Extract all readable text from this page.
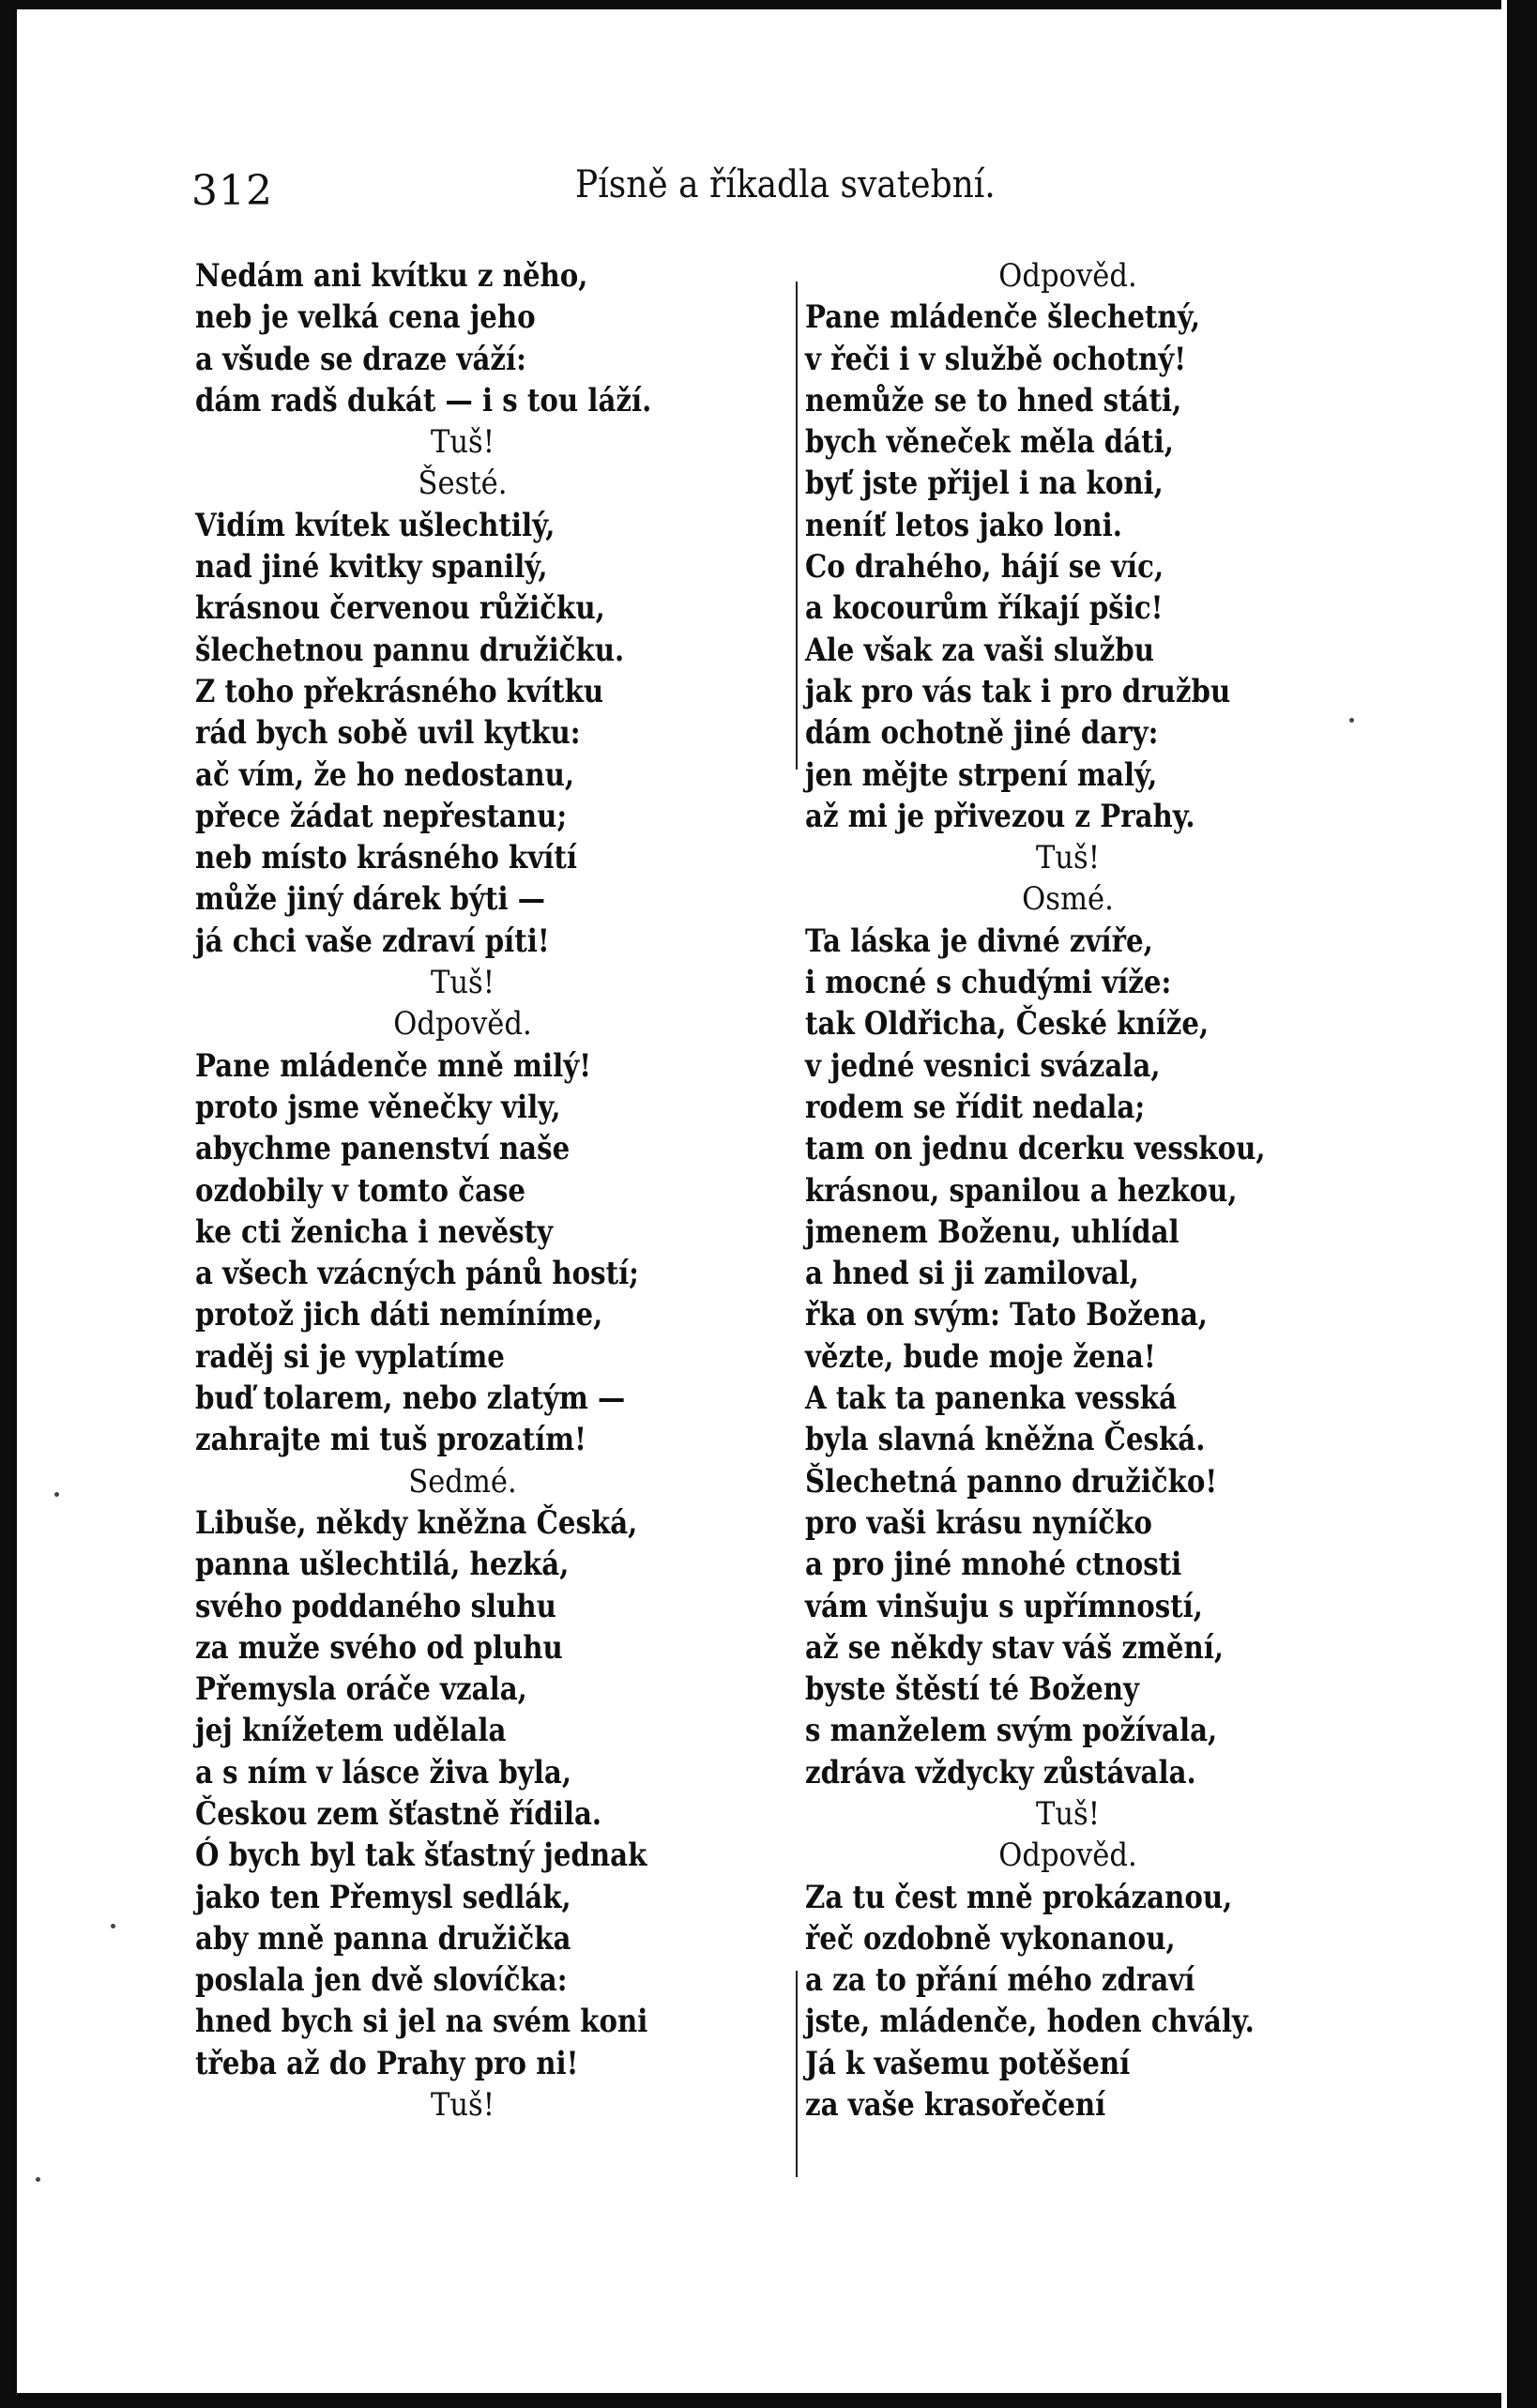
312	Písně a říkadla svatební.
Nedám ani kvítku z něho,
neb je velká cena jeho
a všude se draze váží:
dám radš dukát — i s tou láží.
Tuš!
Šesté.
Vidím kvítek ušlechtilý,
nad jiné kvitky spanilý,
krásnou červenou růžičku,
šlechetnou pannu družičku.
Z toho překrásného kvítku
rád bych sobě uvil kytku:
ač vím, že ho nedostanu,
přece žádat nepřestanu;
neb místo krásného kvítí
může jiný dárek býti —
já chci vaše zdraví píti!
Tuš!
Odpověd.
Pane mládenče mně milý!
proto jsme věnečky vily,
abychme panenství naše
ozdobily v tomto čase
ke cti ženicha i nevěsty
a všech vzácných pánů hostí;
protož jich dáti nemíníme,
raděj si je vyplatíme
buď tolarem, nebo zlatým —
zahrajte mi tuš prozatím!
Sedmé.
Libuše, někdy kněžna Česká,
panna ušlechtilá, hezká,
svého poddaného sluhu
za muže svého od pluhu
Přemysla oráče vzala,
jej knížetem udělala
a s ním v lásce živa byla,
Českou zem šťastně řídila.
Ó bych byl tak šťastný jednak
jako ten Přemysl sedlák,
aby mně panna družička
poslala jen dvě slovíčka:
hned bych si jel na svém koni
třeba až do Prahy pro ni!
Tuš!
Odpověd.
Pane mládenče šlechetný,
v řeči i v službě ochotný!
nemůže se to hned státi,
bych věneček měla dáti,
byť jste přijel i na koni,
neníť letos jako loni.
Co drahého, hájí se víc,
a kocourům říkají pšic!
Ale však za vaši službu
jak pro vás tak i pro družbu
dám ochotně jiné dary:
jen mějte strpení malý,
až mi je přivezou z Prahy.
Tuš!
Osmé.
Ta láska je divné zvíře,
i mocné s chudými víže:
tak Oldřicha, České kníže,
v jedné vesnici svázala,
rodem se řídit nedala;
tam on jednu dcerku vesskou,
krásnou, spanilou a hezkou,
jmenem Boženu, uhlídal
a hned si ji zamiloval,
řka on svým: Tato Božena,
vězte, bude moje žena!
A tak ta panenka vesská
byla slavná kněžna Česká.
Šlechetná panno družičko!
pro vaši krásu nyníčko
a pro jiné mnohé ctnosti
vám vinšuju s upřímností,
až se někdy stav váš změní,
byste štěstí té Boženy
s manželem svým požívala,
zdráva vždycky zůstávala.
Tuš!
Odpověd.
Za tu čest mně prokázanou,
řeč ozdobně vykonanou,
a za to přání mého zdraví
jste, mládenče, hoden chvály.
Já k vašemu potěšení
za vaše krasořečení
